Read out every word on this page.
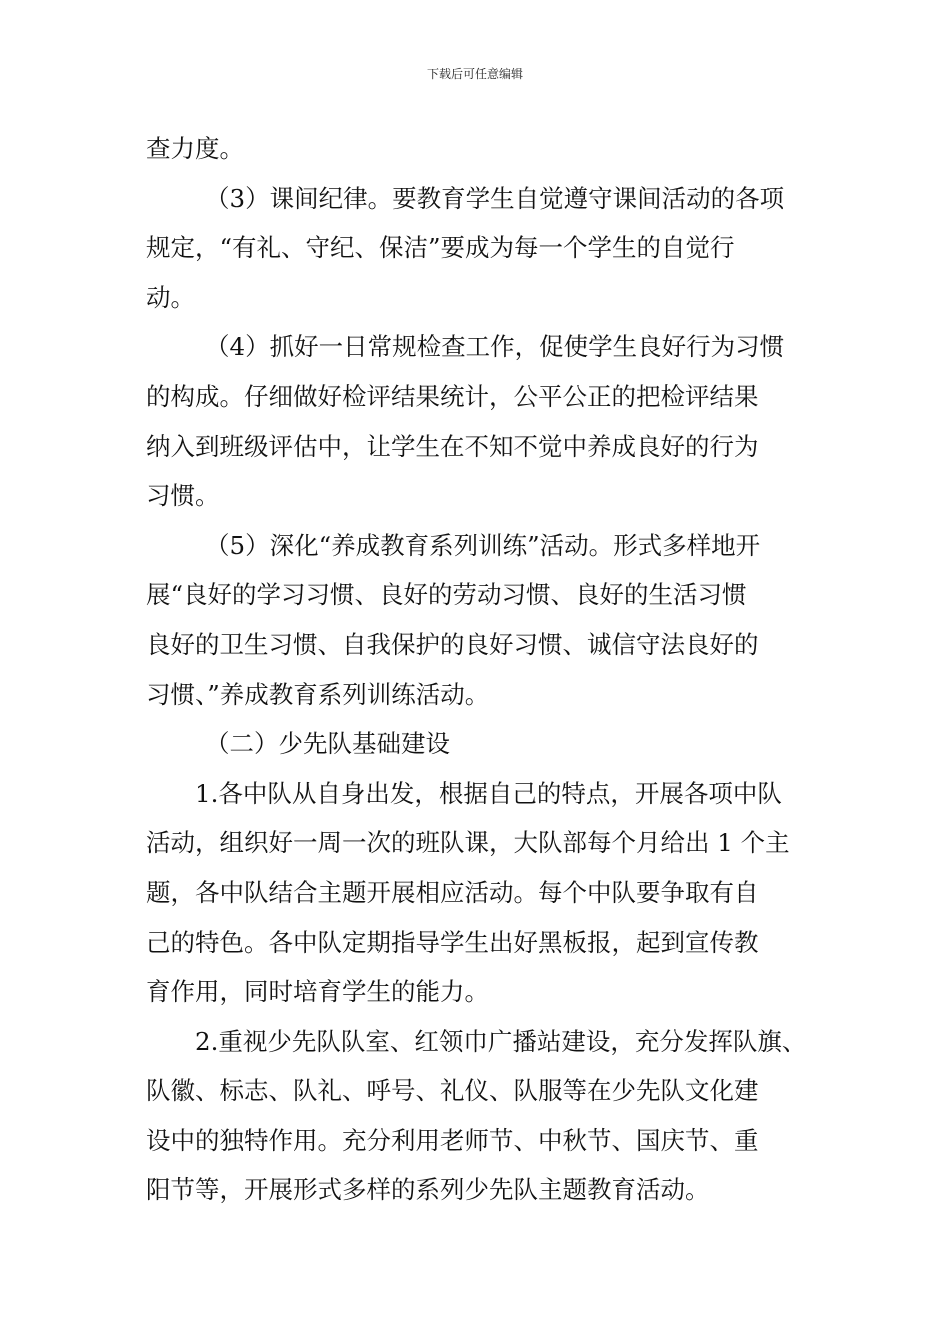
下载后可任意编辑
查力度。
（3）课间纪律。要教育学生自觉遵守课间活动的各项
规定，“有礼、守纪、保洁”要成为每一个学生的自觉行
动。
（4）抓好一日常规检查工作，促使学生良好行为习惯
的构成。仔细做好检评结果统计，公平公正的把检评结果
纳入到班级评估中，让学生在不知不觉中养成良好的行为
习惯。
（5）深化“养成教育系列训练”活动。形式多样地开
展“良好的学习习惯、良好的劳动习惯、良好的生活习惯
良好的卫生习惯、自我保护的良好习惯、诚信守法良好的
习惯、”养成教育系列训练活动。
（二）少先队基础建设
1.各中队从自身出发，根据自己的特点，开展各项中队
活动，组织好一周一次的班队课，大队部每个月给出 1 个主
题，各中队结合主题开展相应活动。每个中队要争取有自
己的特色。各中队定期指导学生出好黑板报，起到宣传教
育作用，同时培育学生的能力。
2.重视少先队队室、红领巾广播站建设，充分发挥队旗、
队徽、标志、队礼、呼号、礼仪、队服等在少先队文化建
设中的独特作用。充分利用老师节、中秋节、国庆节、重
阳节等，开展形式多样的系列少先队主题教育活动。
